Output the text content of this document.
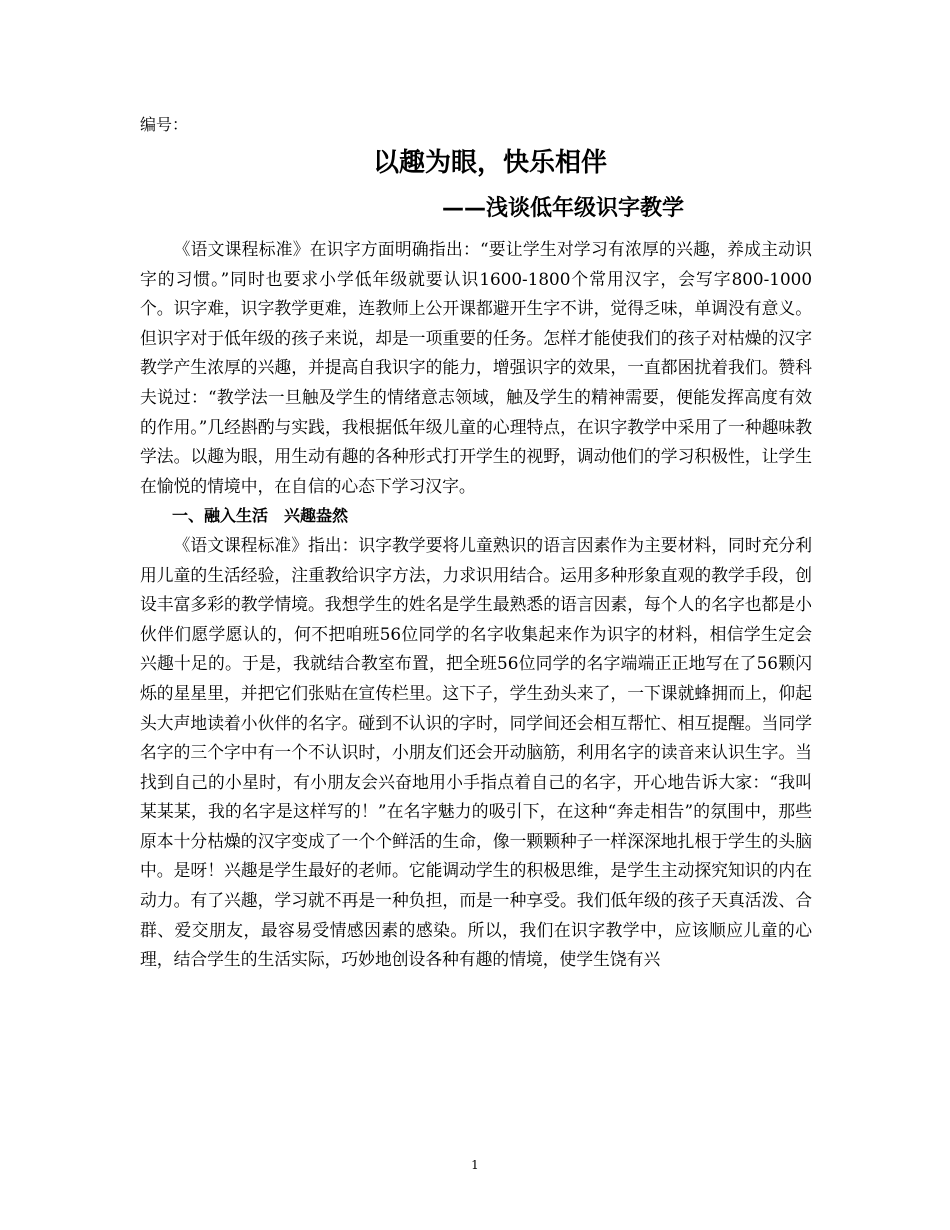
编号：
以趣为眼，快乐相伴
——浅谈低年级识字教学

《语文课程标准》在识字方面明确指出：“要让学生对学习有浓厚的兴趣，养成主动识字的习惯。”同时也要求小学低年级就要认识1600-1800个常用汉字，会写字800-1000个。识字难，识字教学更难，连教师上公开课都避开生字不讲，觉得乏味，单调没有意义。但识字对于低年级的孩子来说，却是一项重要的任务。怎样才能使我们的孩子对枯燥的汉字教学产生浓厚的兴趣，并提高自我识字的能力，增强识字的效果，一直都困扰着我们。赞科夫说过：“教学法一旦触及学生的情绪意志领域，触及学生的精神需要，便能发挥高度有效的作用。”几经斟酌与实践，我根据低年级儿童的心理特点，在识字教学中采用了一种趣味教学法。以趣为眼，用生动有趣的各种形式打开学生的视野，调动他们的学习积极性，让学生在愉悦的情境中，在自信的心态下学习汉字。

一、融入生活　兴趣盎然

《语文课程标准》指出：识字教学要将儿童熟识的语言因素作为主要材料，同时充分利用儿童的生活经验，注重教给识字方法，力求识用结合。运用多种形象直观的教学手段，创设丰富多彩的教学情境。我想学生的姓名是学生最熟悉的语言因素，每个人的名字也都是小伙伴们愿学愿认的，何不把咱班56位同学的名字收集起来作为识字的材料，相信学生定会兴趣十足的。于是，我就结合教室布置，把全班56位同学的名字端端正正地写在了56颗闪烁的星星里，并把它们张贴在宣传栏里。这下子，学生劲头来了，一下课就蜂拥而上，仰起头大声地读着小伙伴的名字。碰到不认识的字时，同学间还会相互帮忙、相互提醒。当同学名字的三个字中有一个不认识时，小朋友们还会开动脑筋，利用名字的读音来认识生字。当找到自己的小星时，有小朋友会兴奋地用小手指点着自己的名字，开心地告诉大家：“我叫某某某，我的名字是这样写的！”在名字魅力的吸引下，在这种“奔走相告”的氛围中，那些原本十分枯燥的汉字变成了一个个鲜活的生命，像一颗颗种子一样深深地扎根于学生的头脑中。是呀！兴趣是学生最好的老师。它能调动学生的积极思维，是学生主动探究知识的内在动力。有了兴趣，学习就不再是一种负担，而是一种享受。我们低年级的孩子天真活泼、合群、爱交朋友，最容易受情感因素的感染。所以，我们在识字教学中，应该顺应儿童的心理，结合学生的生活实际，巧妙地创设各种有趣的情境，使学生饶有兴

1
